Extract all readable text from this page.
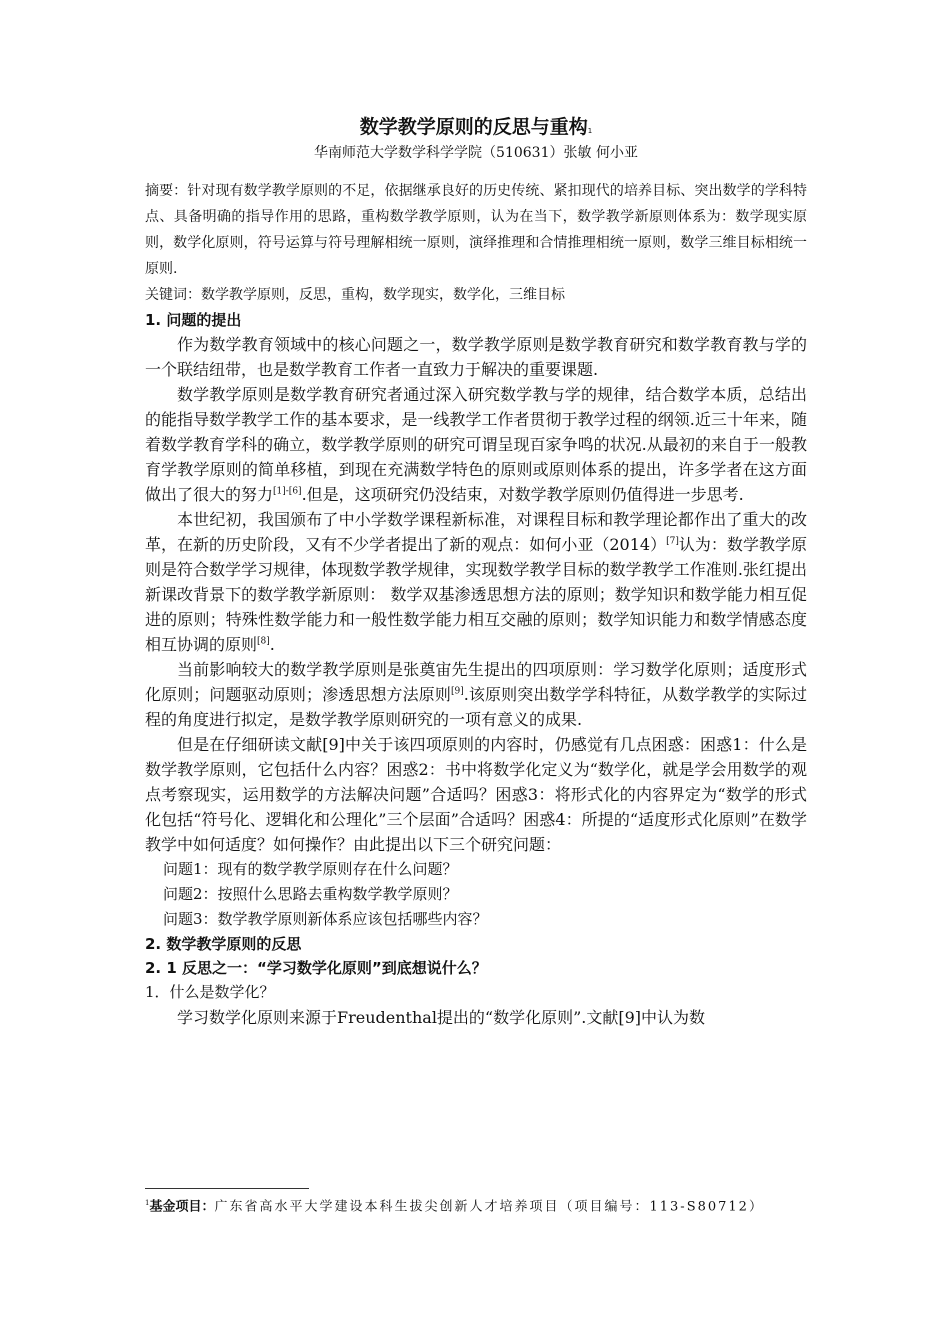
数学教学原则的反思与重构$^1$

华南师范大学数学科学学院（510631）张敏 何小亚

摘要：针对现有数学教学原则的不足，依据继承良好的历史传统、紧扣现代的培养目标、突出数学的学科特点、具备明确的指导作用的思路，重构数学教学原则，认为在当下，数学教学新原则体系为：数学现实原则，数学化原则，符号运算与符号理解相统一原则，演绎推理和合情推理相统一原则，数学三维目标相统一原则.

关键词：数学教学原则，反思，重构，数学现实，数学化，三维目标

1. 问题的提出

作为数学教育领域中的核心问题之一，数学教学原则是数学教育研究和数学教育教与学的一个联结纽带，也是数学教育工作者一直致力于解决的重要课题.

数学教学原则是数学教育研究者通过深入研究数学教与学的规律，结合数学本质，总结出的能指导数学教学工作的基本要求，是一线教学工作者贯彻于教学过程的纲领.近三十年来，随着数学教育学科的确立，数学教学原则的研究可谓呈现百家争鸣的状况.从最初的来自于一般教育学教学原则的简单移植，到现在充满数学特色的原则或原则体系的提出，许多学者在这方面做出了很大的努力[1]-[6].但是，这项研究仍没结束，对数学教学原则仍值得进一步思考.

本世纪初，我国颁布了中小学数学课程新标准，对课程目标和教学理论都作出了重大的改革，在新的历史阶段，又有不少学者提出了新的观点：如何小亚（2014）[7]认为：数学教学原则是符合数学学习规律，体现数学教学规律，实现数学教学目标的数学教学工作准则.张红提出新课改背景下的数学教学新原则： 数学双基渗透思想方法的原则；数学知识和数学能力相互促进的原则；特殊性数学能力和一般性数学能力相互交融的原则；数学知识能力和数学情感态度相互协调的原则[8].

当前影响较大的数学教学原则是张奠宙先生提出的四项原则：学习数学化原则；适度形式化原则；问题驱动原则；渗透思想方法原则[9].该原则突出数学学科特征，从数学教学的实际过程的角度进行拟定，是数学教学原则研究的一项有意义的成果.

但是在仔细研读文献[9]中关于该四项原则的内容时，仍感觉有几点困惑：困惑1：什么是数学教学原则，它包括什么内容？困惑2：书中将数学化定义为“数学化，就是学会用数学的观点考察现实，运用数学的方法解决问题”合适吗？困惑3：将形式化的内容界定为“数学的形式化包括“符号化、逻辑化和公理化”三个层面”合适吗？困惑4：所提的“适度形式化原则”在数学教学中如何适度？如何操作？由此提出以下三个研究问题：

问题1：现有的数学教学原则存在什么问题？

问题2：按照什么思路去重构数学教学原则？

问题3：数学教学原则新体系应该包括哪些内容？

2. 数学教学原则的反思
2. 1 反思之一：“学习数学化原则”到底想说什么？

1．什么是数学化？

学习数学化原则来源于Freudenthal提出的“数学化原则”.文献[9]中认为数

$^1$基金项目：广东省高水平大学建设本科生拔尖创新人才培养项目（项目编号：113-S80712）
